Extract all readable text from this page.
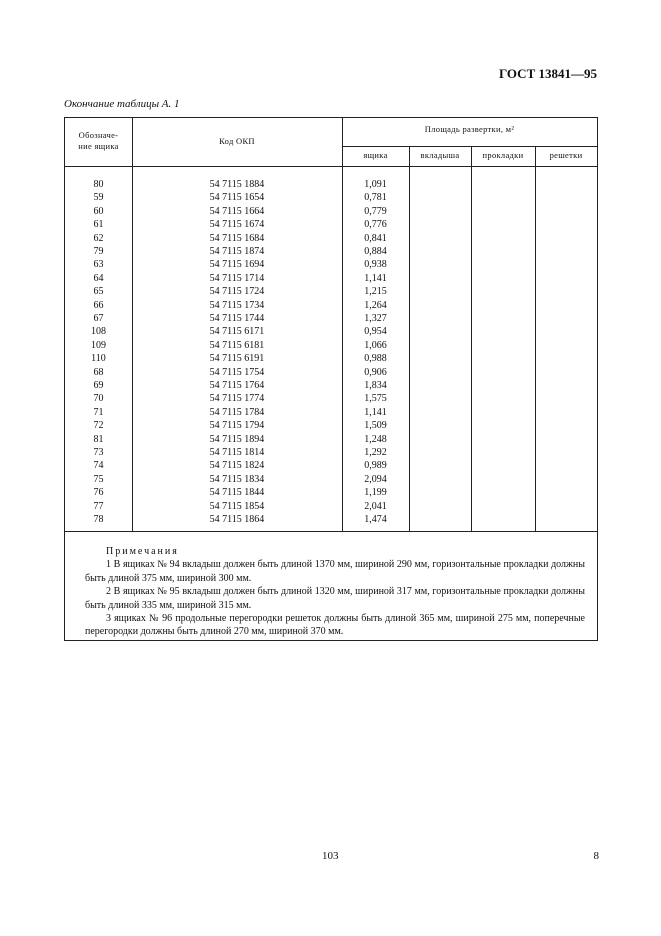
ГОСТ 13841—95
Окончание таблицы А. 1
Обозначе-
ние ящика	Код ОКП
Площадь развертки, м²
ящика	вкладыша	прокладки	решетки
80	54 7115 1884	1,091
59	54 7115 1654	0,781
60	54 7115 1664	0,779
61	54 7115 1674	0,776
62	54 7115 1684	0,841
79	54 7115 1874	0,884
63	54 7115 1694	0,938
64	54 7115 1714	1,141
65	54 7115 1724	1,215
66	54 7115 1734	1,264
67	54 7115 1744	1,327
108	54 7115 6171	0,954
109	54 7115 6181	1,066
110	54 7115 6191	0,988
68	54 7115 1754	0,906
69	54 7115 1764	1,834
70	54 7115 1774	1,575
71	54 7115 1784	1,141
72	54 7115 1794	1,509
81	54 7115 1894	1,248
73	54 7115 1814	1,292
74	54 7115 1824	0,989
75	54 7115 1834	2,094
76	54 7115 1844	1,199
77	54 7115 1854	2,041
78	54 7115 1864	1,474
Примечания

1 В ящиках № 94 вкладыш должен быть длиной 1370 мм, шириной 290 мм, горизонтальные прокладки должны быть длиной 375 мм, шириной 300 мм.

2 В ящиках № 95 вкладыш должен быть длиной 1320 мм, шириной 317 мм, горизонтальные прокладки должны быть длиной 335 мм, шириной 315 мм.

3 ящиках № 96 продольные перегородки решеток должны быть длиной 365 мм, шириной 275 мм, поперечные перегородки должны быть длиной 270 мм, шириной 370 мм.

103	8
